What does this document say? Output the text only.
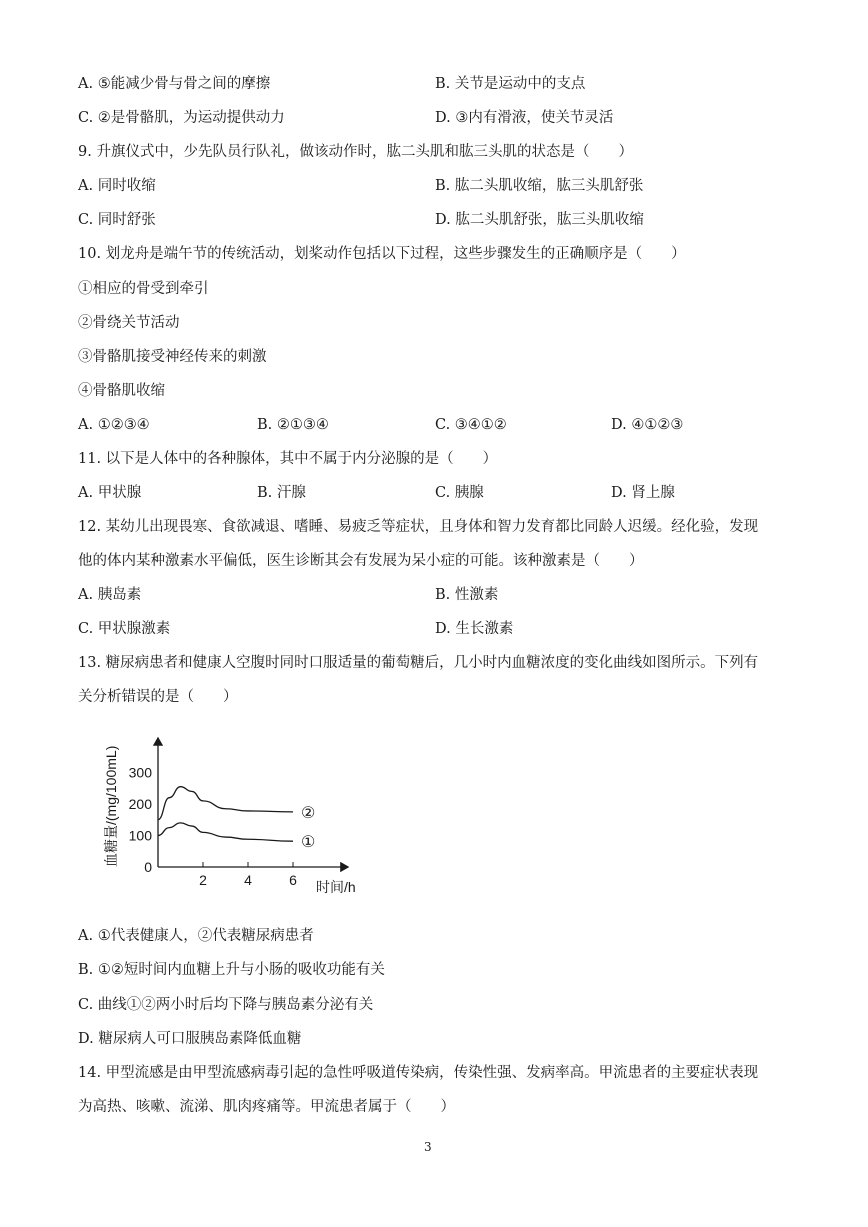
A. ⑤能减少骨与骨之间的摩擦	B. 关节是运动中的支点
C. ②是骨骼肌，为运动提供动力	D. ③内有滑液，使关节灵活
9. 升旗仪式中，少先队员行队礼，做该动作时，肱二头肌和肱三头肌的状态是（　　）
A. 同时收缩	B. 肱二头肌收缩，肱三头肌舒张
C. 同时舒张	D. 肱二头肌舒张，肱三头肌收缩
10. 划龙舟是端午节的传统活动，划桨动作包括以下过程，这些步骤发生的正确顺序是（　　）
①相应的骨受到牵引
②骨绕关节活动
③骨骼肌接受神经传来的刺激
④骨骼肌收缩
A. ①②③④	B. ②①③④	C. ③④①②	D. ④①②③
11. 以下是人体中的各种腺体，其中不属于内分泌腺的是（　　）
A. 甲状腺	B. 汗腺	C. 胰腺	D. 肾上腺
12. 某幼儿出现畏寒、食欲减退、嗜睡、易疲乏等症状，且身体和智力发育都比同龄人迟缓。经化验，发现
他的体内某种激素水平偏低，医生诊断其会有发展为呆小症的可能。该种激素是（　　）
A. 胰岛素	B. 性激素
C. 甲状腺激素	D. 生长激素
13. 糖尿病患者和健康人空腹时同时口服适量的葡萄糖后，几小时内血糖浓度的变化曲线如图所示。下列有
关分析错误的是（　　）
0
100
200
300
2	4	6
①
②
时间/h
血糖量/(mg/100mL)
A. ①代表健康人，②代表糖尿病患者
B. ①②短时间内血糖上升与小肠的吸收功能有关
C. 曲线①②两小时后均下降与胰岛素分泌有关
D. 糖尿病人可口服胰岛素降低血糖
14. 甲型流感是由甲型流感病毒引起的急性呼吸道传染病，传染性强、发病率高。甲流患者的主要症状表现
为高热、咳嗽、流涕、肌肉疼痛等。甲流患者属于（　　）
3
